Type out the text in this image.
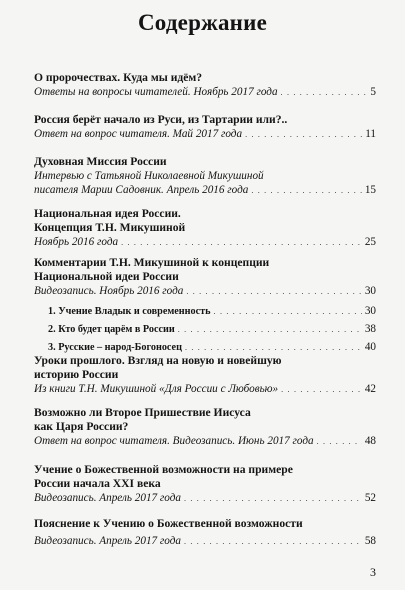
Содержание
О пророчествах. Куда мы идём?
Ответы на вопросы читателей. Ноябрь 2017 года . . .	5
Россия берёт начало из Руси, из Тартарии или?..
Ответ на вопрос читателя. Май 2017 года . . .	11
Духовная Миссия России
Интервью с Татьяной Николаевной Микушиной
писателя Марии Садовник. Апрель 2016 года . . .	15
Национальная идея России.
Концепция Т.Н. Микушиной
Ноябрь 2016 года . . .	25
Комментарии Т.Н. Микушиной к концепции
Национальной идеи России
Видеозапись. Ноябрь 2016 года . . .	30
1. Учение Владык и современность . . .	30
2. Кто будет царём в России . . .	38
3. Русские – народ-Богоносец . . .	40
Уроки прошлого. Взгляд на новую и новейшую
историю России
Из книги Т.Н. Микушиной «Для России с Любовью» . . .	42
Возможно ли Второе Пришествие Иисуса
как Царя России?
Ответ на вопрос читателя. Видеозапись. Июнь 2017 года . . .	48
Учение о Божественной возможности на примере
России начала XXI века
Видеозапись. Апрель 2017 года . . .	52
Пояснение к Учению о Божественной возможности
Видеозапись. Апрель 2017 года . . .	58
3
